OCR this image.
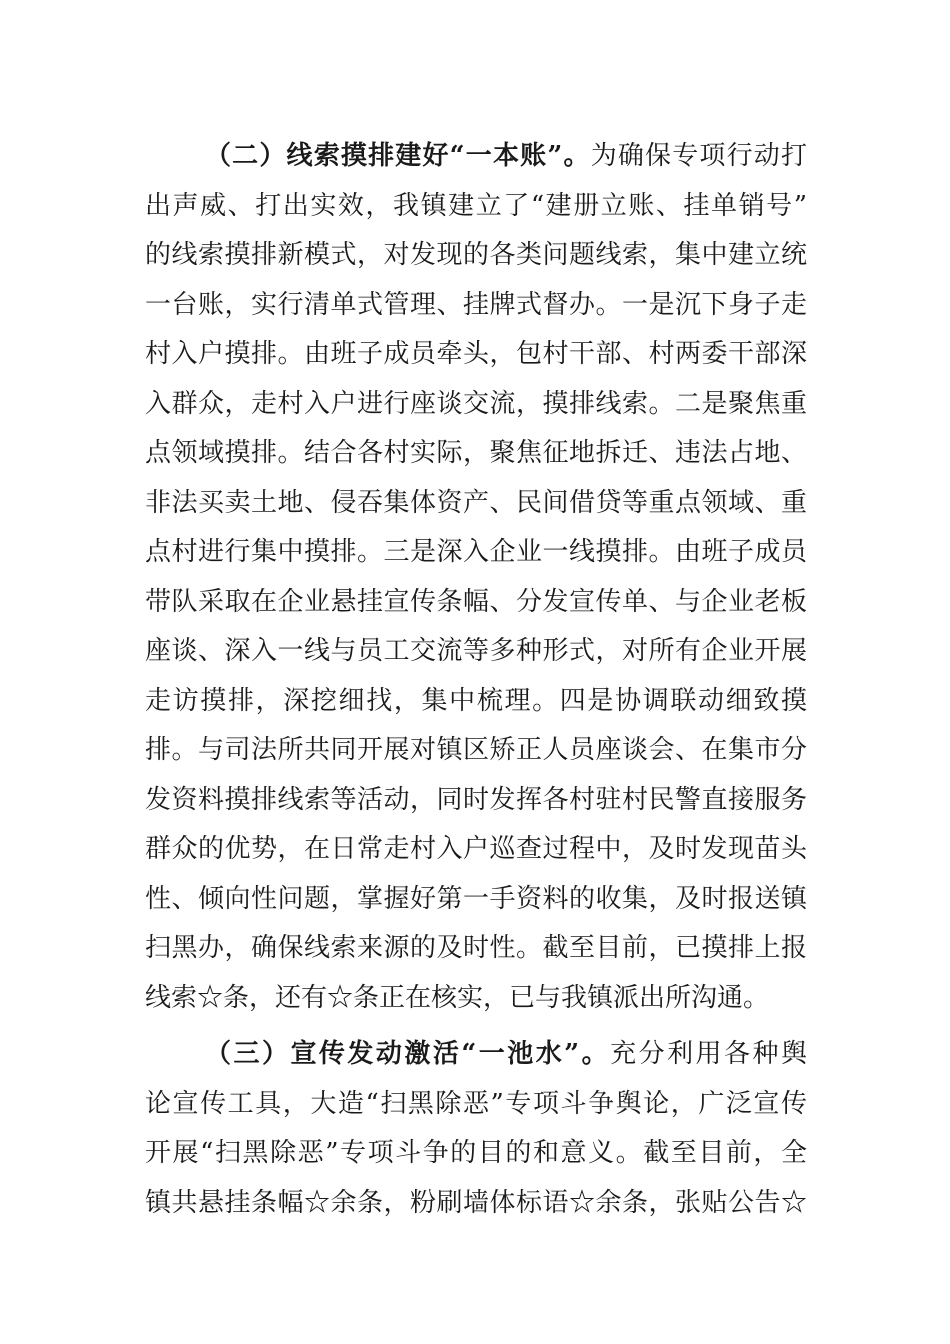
（二）线索摸排建好“一本账”。为确保专项行动打
出声威、打出实效，我镇建立了“建册立账、挂单销号”
的线索摸排新模式，对发现的各类问题线索，集中建立统
一台账，实行清单式管理、挂牌式督办。一是沉下身子走
村入户摸排。由班子成员牵头，包村干部、村两委干部深
入群众，走村入户进行座谈交流，摸排线索。二是聚焦重
点领域摸排。结合各村实际，聚焦征地拆迁、违法占地、
非法买卖土地、侵吞集体资产、民间借贷等重点领域、重
点村进行集中摸排。三是深入企业一线摸排。由班子成员
带队采取在企业悬挂宣传条幅、分发宣传单、与企业老板
座谈、深入一线与员工交流等多种形式，对所有企业开展
走访摸排，深挖细找，集中梳理。四是协调联动细致摸
排。与司法所共同开展对镇区矫正人员座谈会、在集市分
发资料摸排线索等活动，同时发挥各村驻村民警直接服务
群众的优势，在日常走村入户巡查过程中，及时发现苗头
性、倾向性问题，掌握好第一手资料的收集，及时报送镇
扫黑办，确保线索来源的及时性。截至目前，已摸排上报
线索☆条，还有☆条正在核实，已与我镇派出所沟通。
（三）宣传发动激活“一池水”。充分利用各种舆
论宣传工具，大造“扫黑除恶”专项斗争舆论，广泛宣传
开展“扫黑除恶”专项斗争的目的和意义。截至目前，全
镇共悬挂条幅☆余条，粉刷墙体标语☆余条，张贴公告☆
